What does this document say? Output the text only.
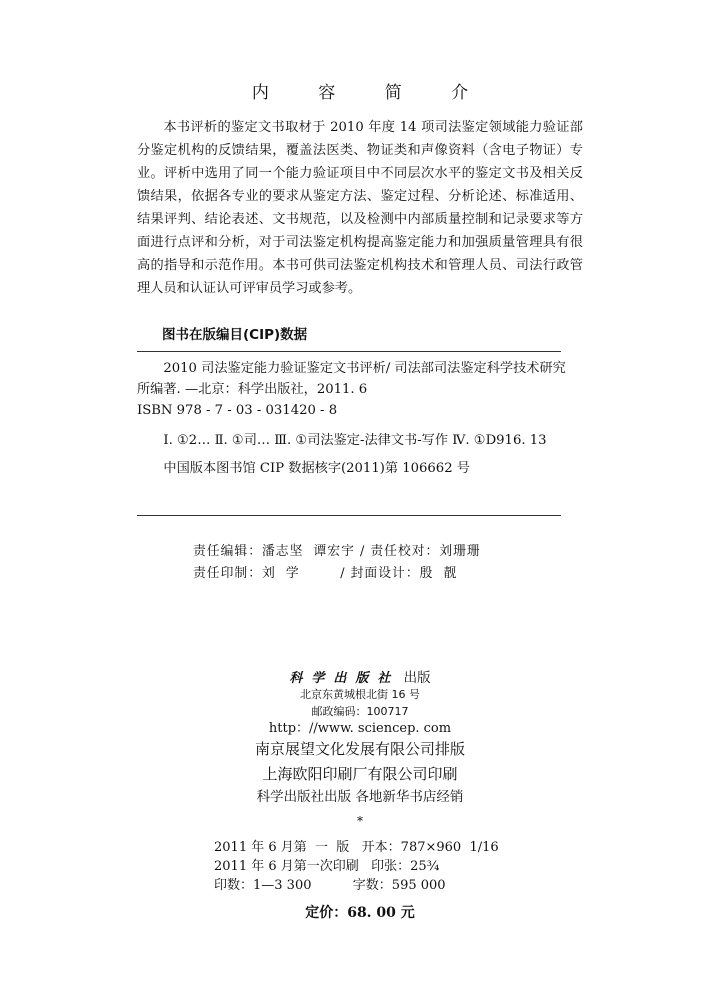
内 容 简 介
本书评析的鉴定文书取材于 2010 年度 14 项司法鉴定领域能力验证部分鉴定机构的反馈结果，覆盖法医类、物证类和声像资料（含电子物证）专业。评析中选用了同一个能力验证项目中不同层次水平的鉴定文书及相关反馈结果，依据各专业的要求从鉴定方法、鉴定过程、分析论述、标准适用、结果评判、结论表述、文书规范，以及检测中内部质量控制和记录要求等方面进行点评和分析，对于司法鉴定机构提高鉴定能力和加强质量管理具有很高的指导和示范作用。本书可供司法鉴定机构技术和管理人员、司法行政管理人员和认证认可评审员学习或参考。
图书在版编目(CIP)数据

2010 司法鉴定能力验证鉴定文书评析/ 司法部司法鉴定科学技术研究所编著. —北京：科学出版社，2011. 6

ISBN 978 - 7 - 03 - 031420 - 8

Ⅰ. ①2… Ⅱ. ①司… Ⅲ. ①司法鉴定-法律文书-写作 Ⅳ. ①D916. 13

中国版本图书馆 CIP 数据核字(2011)第 106662 号

责任编辑：潘志坚  谭宏宇 / 责任校对：刘珊珊
责任印制：刘  学        / 封面设计：殷  靓
科学出版社 出版
北京东黄城根北街 16 号
邮政编码：100717
http：//www. sciencep. com
南京展望文化发展有限公司排版
上海欧阳印刷厂有限公司印刷
科学出版社出版 各地新华书店经销
*
2011 年 6 月第  一  版   开本：787×960  1/16
2011 年 6 月第一次印刷   印张：25¾
印数：1—3 300          字数：595 000
定价：68. 00 元
